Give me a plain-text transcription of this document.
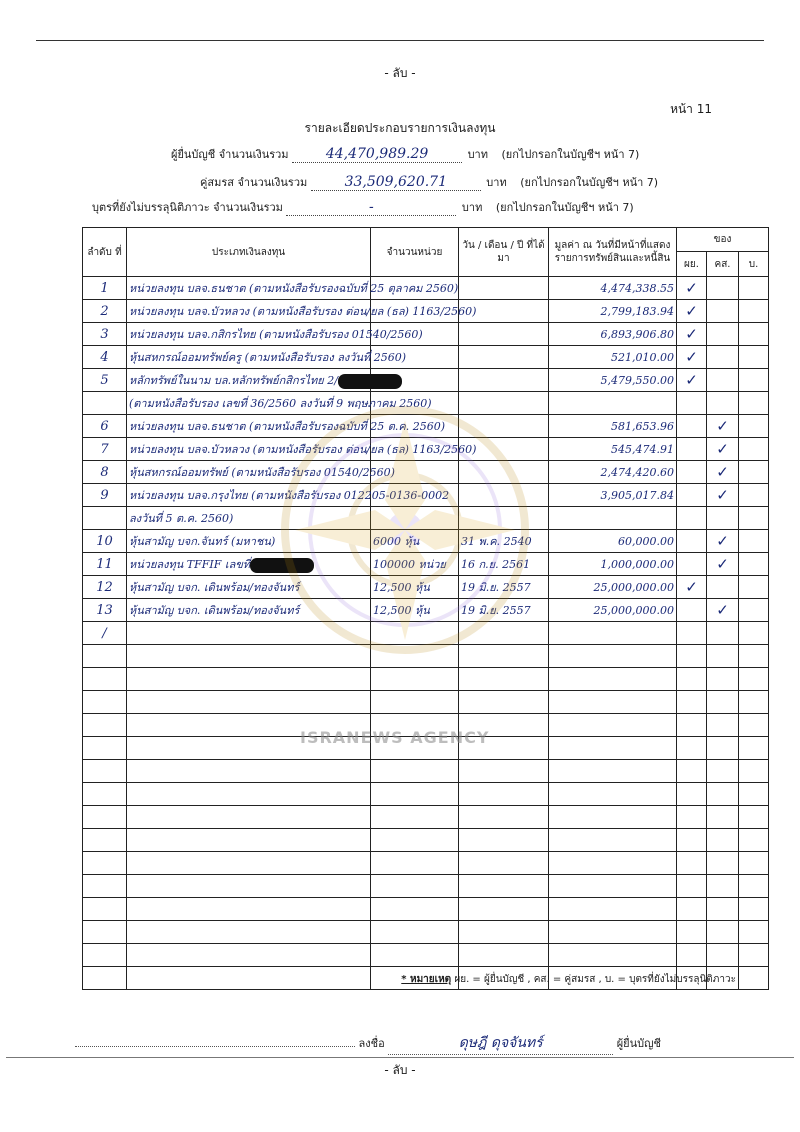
- ลับ -
หน้า 11
รายละเอียดประกอบรายการเงินลงทุน
ผู้ยื่นบัญชี จำนวนเงินรวม	44,470,989.29	บาท (ยกไปกรอกในบัญชีฯ หน้า 7)
คู่สมรส จำนวนเงินรวม	33,509,620.71	บาท (ยกไปกรอกในบัญชีฯ หน้า 7)
บุตรที่ยังไม่บรรลุนิติภาวะ จำนวนเงินรวม	-	บาท (ยกไปกรอกในบัญชีฯ หน้า 7)
ลำดับ ที่	ประเภทเงินลงทุน	จำนวนหน่วย	วัน / เดือน / ปี ที่ได้มา	มูลค่า ณ วันที่มีหน้าที่แสดง รายการทรัพย์สินและหนี้สิน	ของ		
					ผย.	คส.	บ.
1	หน่วยลงทุน บลจ.ธนชาต (ตามหนังสือรับรองฉบับที่ 25 ตุลาคม 2560)			4,474,338.55	✓		
2	หน่วยลงทุน บลจ.บัวหลวง (ตามหนังสือรับรอง ต่อน/ยล (ธล) 1163/2560)			2,799,183.94	✓		
3	หน่วยลงทุน บลจ.กสิกรไทย (ตามหนังสือรับรอง 01540/2560)			6,893,906.80	✓		
4	หุ้นสหกรณ์ออมทรัพย์ครู (ตามหนังสือรับรอง ลงวันที่ 2560)			521,010.00	✓		
5	หลักทรัพย์ในนาม บล.หลักทรัพย์กสิกรไทย 2/			5,479,550.00	✓		
	(ตามหนังสือรับรอง เลขที่ 36/2560 ลงวันที่ 9 พฤษภาคม 2560)						
6	หน่วยลงทุน บลจ.ธนชาต (ตามหนังสือรับรองฉบับที่ 25 ต.ค. 2560)			581,653.96		✓	
7	หน่วยลงทุน บลจ.บัวหลวง (ตามหนังสือรับรอง ต่อน/ยล (ธล) 1163/2560)			545,474.91		✓	
8	หุ้นสหกรณ์ออมทรัพย์ (ตามหนังสือรับรอง 01540/2560)			2,474,420.60		✓	
9	หน่วยลงทุน บลจ.กรุงไทย (ตามหนังสือรับรอง 012205-0136-0002			3,905,017.84		✓	
	ลงวันที่ 5 ต.ค. 2560)						
10	หุ้นสามัญ บจก.จันทร์ (มหาชน)	6000 หุ้น	31 พ.ค. 2540	60,000.00		✓	
11	หน่วยลงทุน TFFIF เลขที่	100000 หน่วย	16 ก.ย. 2561	1,000,000.00		✓	
12	หุ้นสามัญ บจก. เดินพร้อม/ทองจันทร์	12,500 หุ้น	19 มิ.ย. 2557	25,000,000.00	✓		
13	หุ้นสามัญ บจก. เดินพร้อม/ทองจันทร์	12,500 หุ้น	19 มิ.ย. 2557	25,000,000.00		✓	
/							

ISRANEWS AGENCY
* หมายเหตุ ผย. = ผู้ยื่นบัญชี , คส. = คู่สมรส , บ. = บุตรที่ยังไม่บรรลุนิติภาวะ
ลงชื่อ	ดุษฎี ดุจจันทร์	ผู้ยื่นบัญชี
- ลับ -
